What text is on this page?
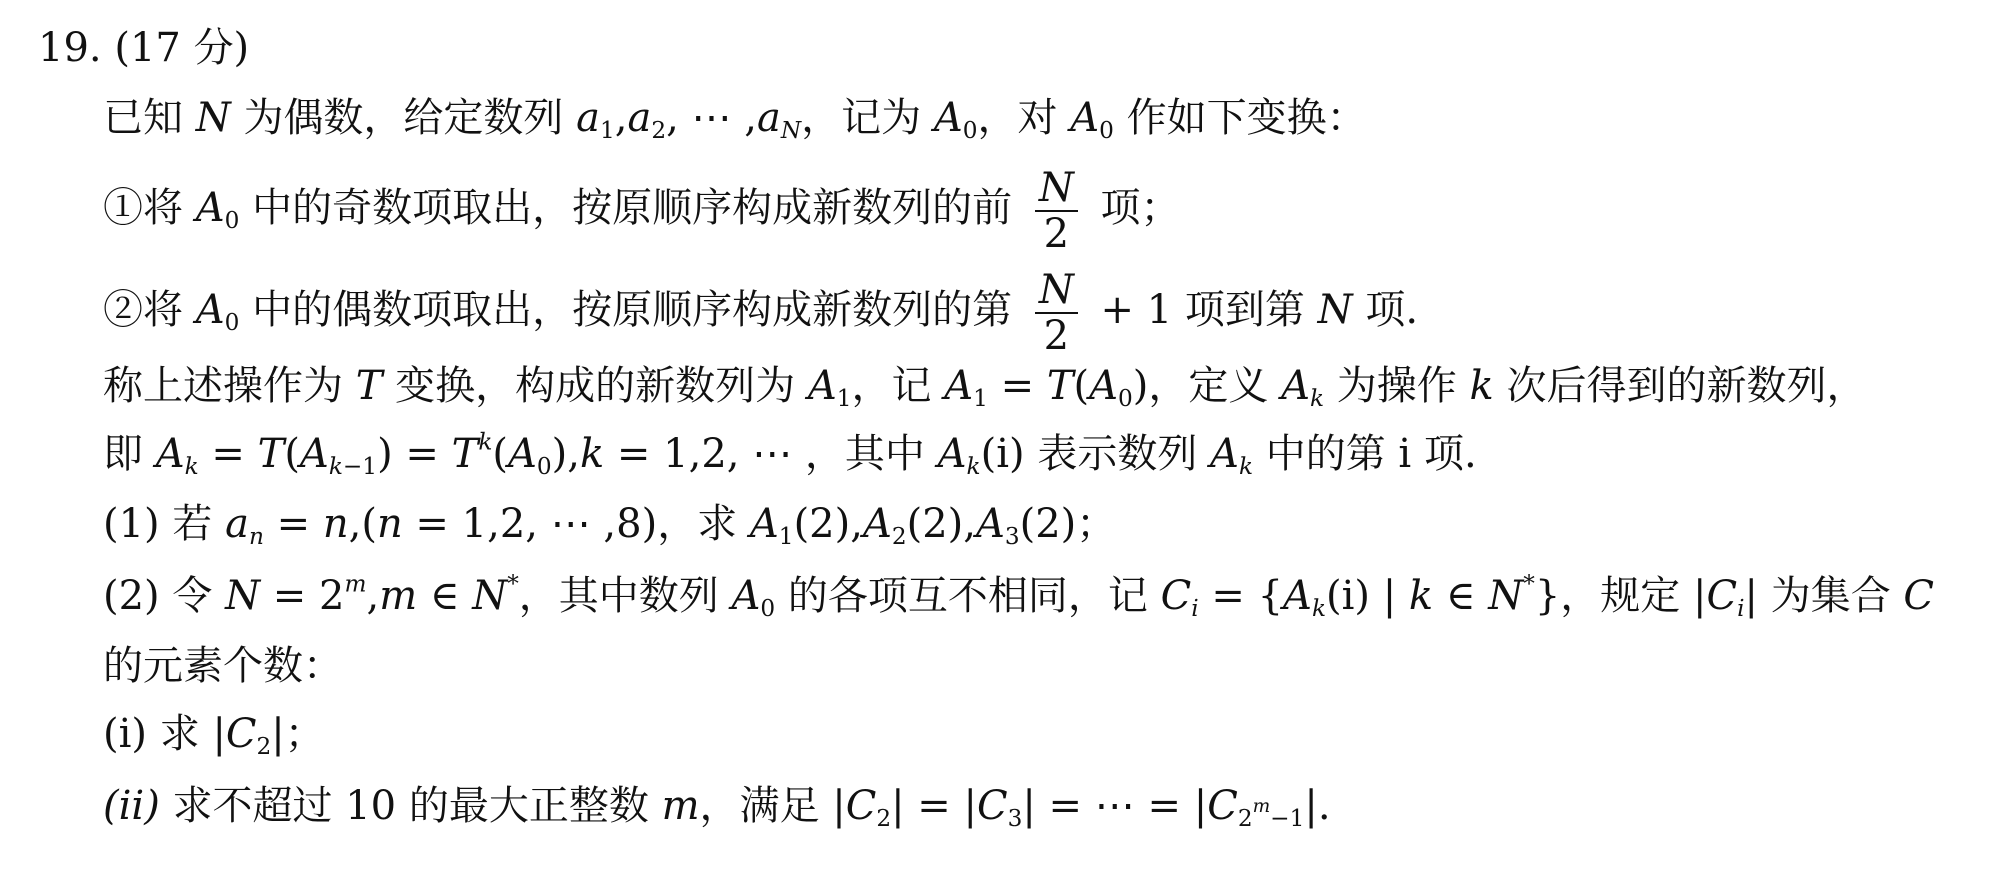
19. (17 分)
已知 N 为偶数，给定数列 $a_1,a_2$, ⋯ $,a_N$，记为 $A_0$，对 $A_0$ 作如下变换：
①将 $A_0$ 中的奇数项取出，按原顺序构成新数列的前 $\frac{N}{2}$ 项；
②将 $A_0$ 中的偶数项取出，按原顺序构成新数列的第 $\frac{N}{2} + 1$ 项到第 N 项.
称上述操作为 T 变换，构成的新数列为 $A_1$，记 $A_1 = T(A_0)$，定义 $A_k$ 为操作 k 次后得到的新数列，
即 $A_k = T(A_{k-1}) = T^k(A_0),k = 1,2$, ⋯ ，其中 $A_k(i)$ 表示数列 $A_k$ 中的第 i 项.
(1) 若 $a_n = n,(n = 1,2$, ⋯ ,8)，求 $A_1(2),A_2(2),A_3(2)$；
(2) 令 $N = 2^m,m$ ∈ N*，其中数列 $A_0$ 的各项互不相同，记 $C_i = \{A_k(i)$ | k ∈ N*}，规定 $|C_i|$ 为集合 C
的元素个数：
(i) 求 $|C_2|$；
(ii) 求不超过 10 的最大正整数 m，满足 $|C_2| = |C_3|$ = ⋯ = $|C_{2^m-1}|$.
